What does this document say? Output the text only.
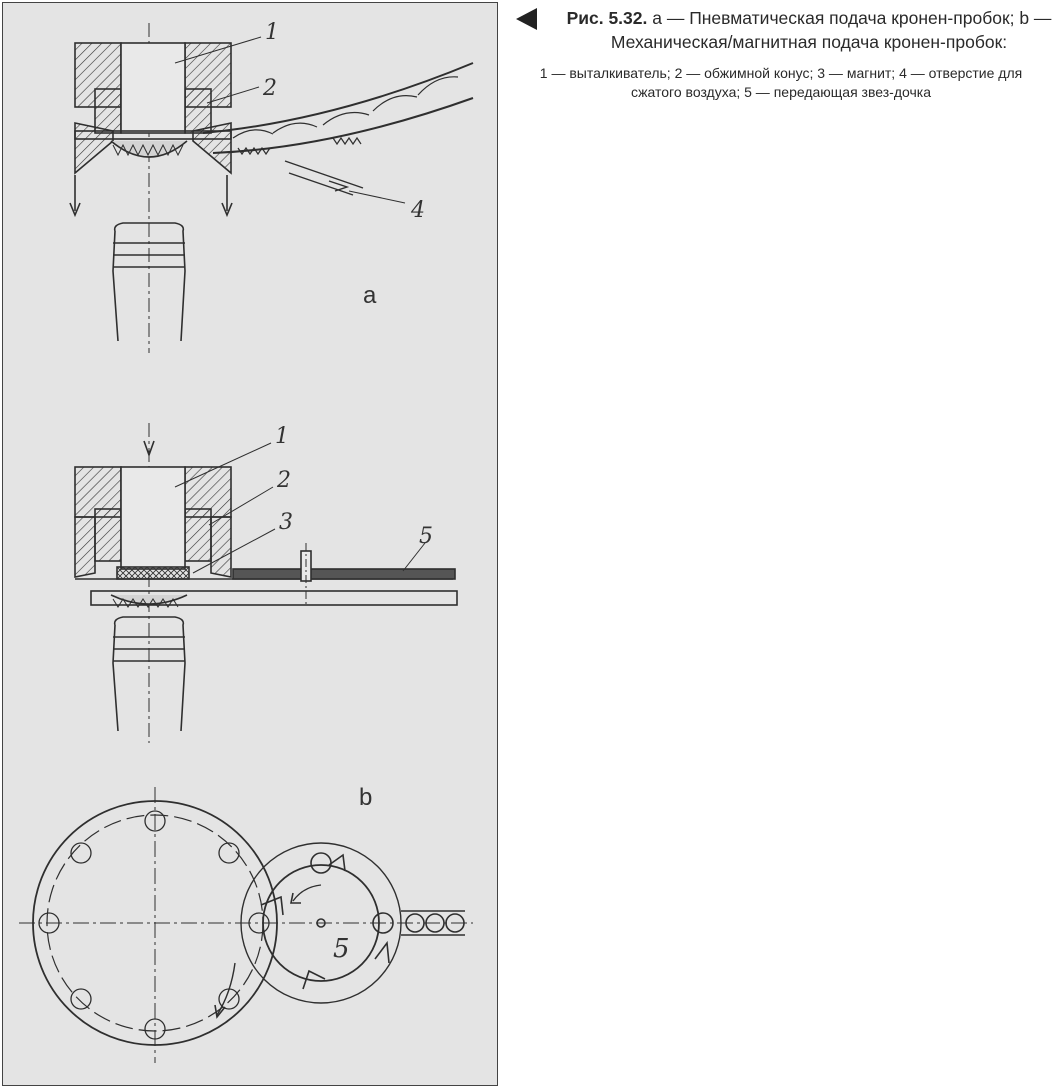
1
2
4
a
1
2
3
5
b
5
Рис. 5.32. a — Пневматическая подача кронен-пробок; b — Механическая/магнитная подача кронен-пробок:
1 — выталкиватель; 2 — обжимной конус; 3 — магнит; 4 — отверстие для сжатого воздуха; 5 — передающая звез-дочка
